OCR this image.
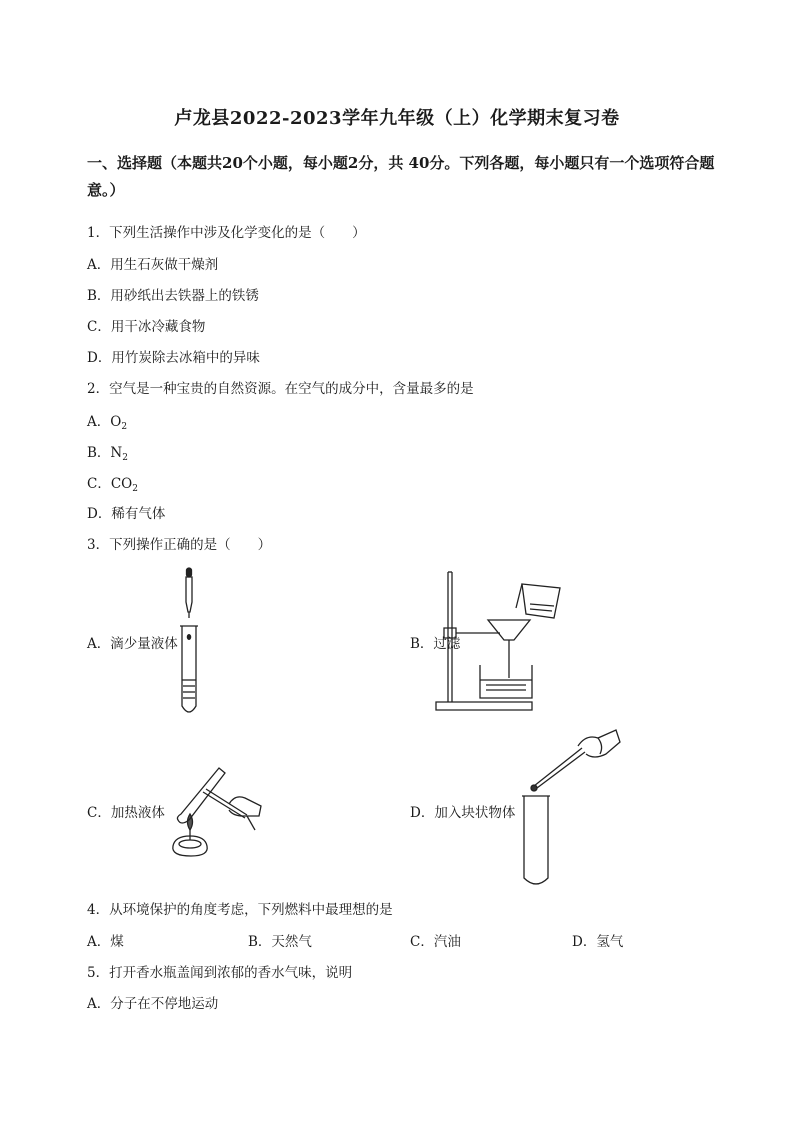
卢龙县2022-2023学年九年级（上）化学期末复习卷
一、选择题（本题共20个小题，每小题2分，共 40分。下列各题，每小题只有一个选项符合题意。）
1．下列生活操作中涉及化学变化的是（　　）
A．用生石灰做干燥剂
B．用砂纸出去铁器上的铁锈
C．用干冰冷藏食物
D．用竹炭除去冰箱中的异味
2．空气是一种宝贵的自然资源。在空气的成分中，含量最多的是
A．$O_2$
B．$N_2$
C．$CO_2$
D．稀有气体
3．下列操作正确的是（　　）
A．滴少量液体	B．过滤
C．加热液体	D．加入块状物体
4．从环境保护的角度考虑，下列燃料中最理想的是
A．煤	B．天然气	C．汽油	D．氢气
5．打开香水瓶盖闻到浓郁的香水气味，说明
A．分子在不停地运动
